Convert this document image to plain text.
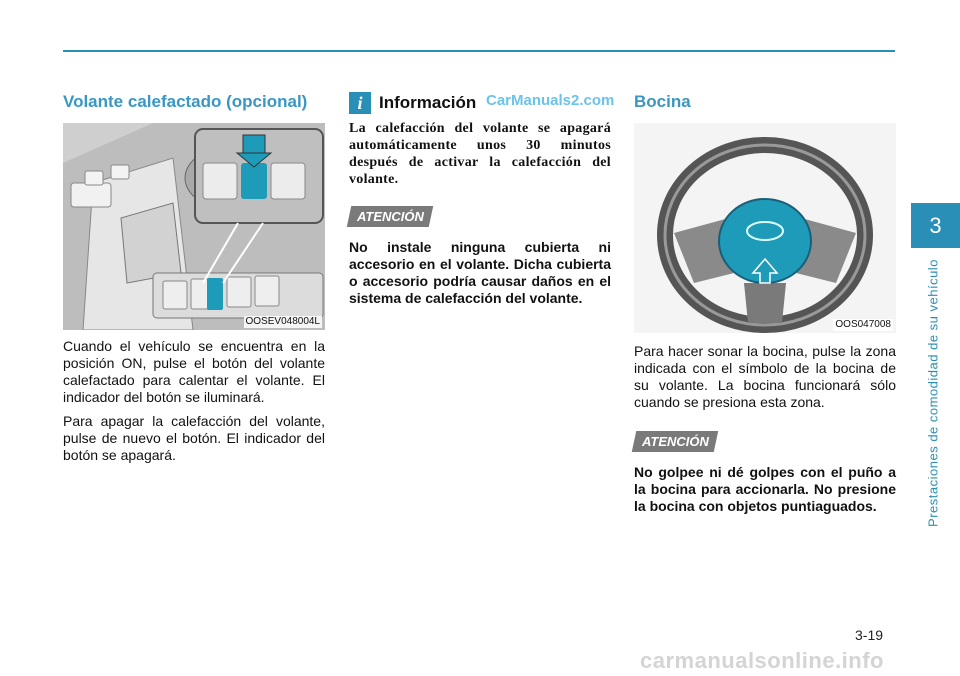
Volante calefactado (opcional)
OOSEV048004L

Cuando el vehículo se encuentra en la posición ON, pulse el botón del volante calefactado para calentar el volante. El indicador del botón se iluminará.

Para apagar la calefacción del volante, pulse de nuevo el botón. El indicador del botón se apagará.

i Información

La calefacción del volante se apagará automáticamente unos 30 minutos después de activar la calefacción del volante.

ATENCIÓN

No instale ninguna cubierta ni accesorio en el volante. Dicha cubierta o accesorio podría causar daños en el sistema de calefacción del volante.

CarManuals2.com Bocina
OOS047008

Para hacer sonar la bocina, pulse la zona indicada con el símbolo de la bocina de su volante. La bocina funcionará sólo cuando se presiona esta zona.

ATENCIÓN

No golpee ni dé golpes con el puño a la bocina para accionarla. No presione la bocina con objetos puntiaguados.

3
Prestaciones de comodidad de su vehículo
3-19
carmanualsonline.info
